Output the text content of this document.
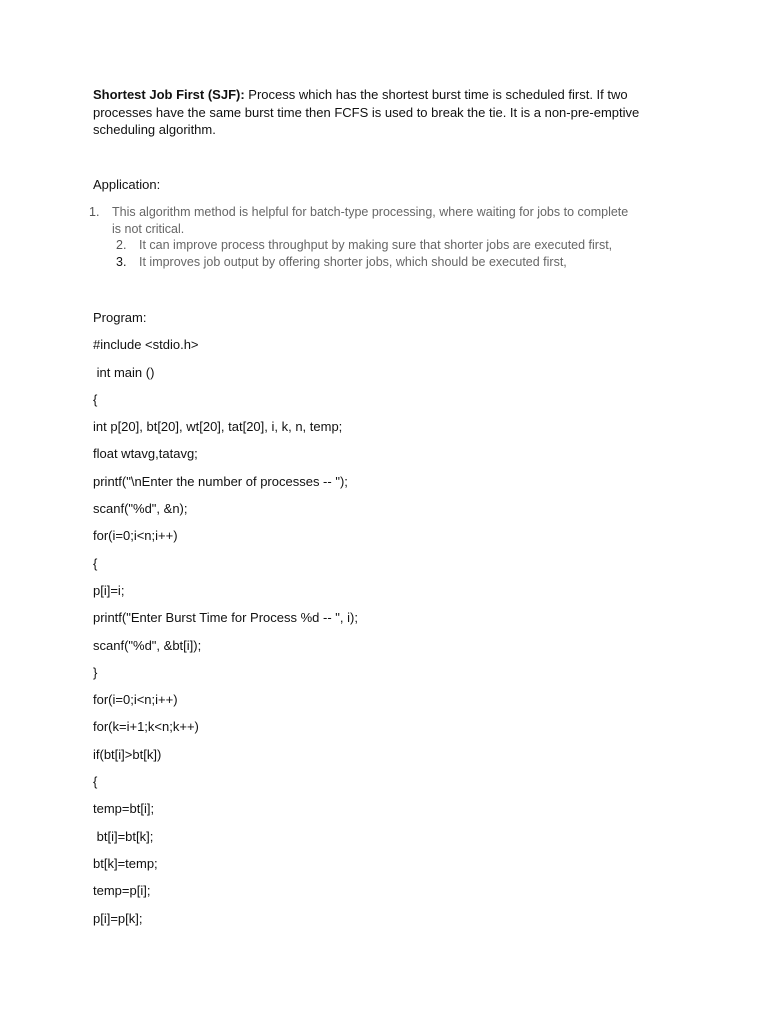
Shortest Job First (SJF): Process which has the shortest burst time is scheduled first. If two processes have the same burst time then FCFS is used to break the tie. It is a non-pre-emptive scheduling algorithm.

Application:

1. This algorithm method is helpful for batch-type processing, where waiting for jobs to complete is not critical.
2. It can improve process throughput by making sure that shorter jobs are executed first,
3. It improves job output by offering shorter jobs, which should be executed first,
Program:
#include <stdio.h>
int main ()
{
int p[20], bt[20], wt[20], tat[20], i, k, n, temp;
float wtavg,tatavg;
printf("\nEnter the number of processes -- ");
scanf("%d", &n);
for(i=0;i<n;i++)
{
p[i]=i;
printf("Enter Burst Time for Process %d -- ", i);
scanf("%d", &bt[i]);
}
for(i=0;i<n;i++)
for(k=i+1;k<n;k++)
if(bt[i]>bt[k])
{
temp=bt[i];
bt[i]=bt[k];
bt[k]=temp;
temp=p[i];
p[i]=p[k];
